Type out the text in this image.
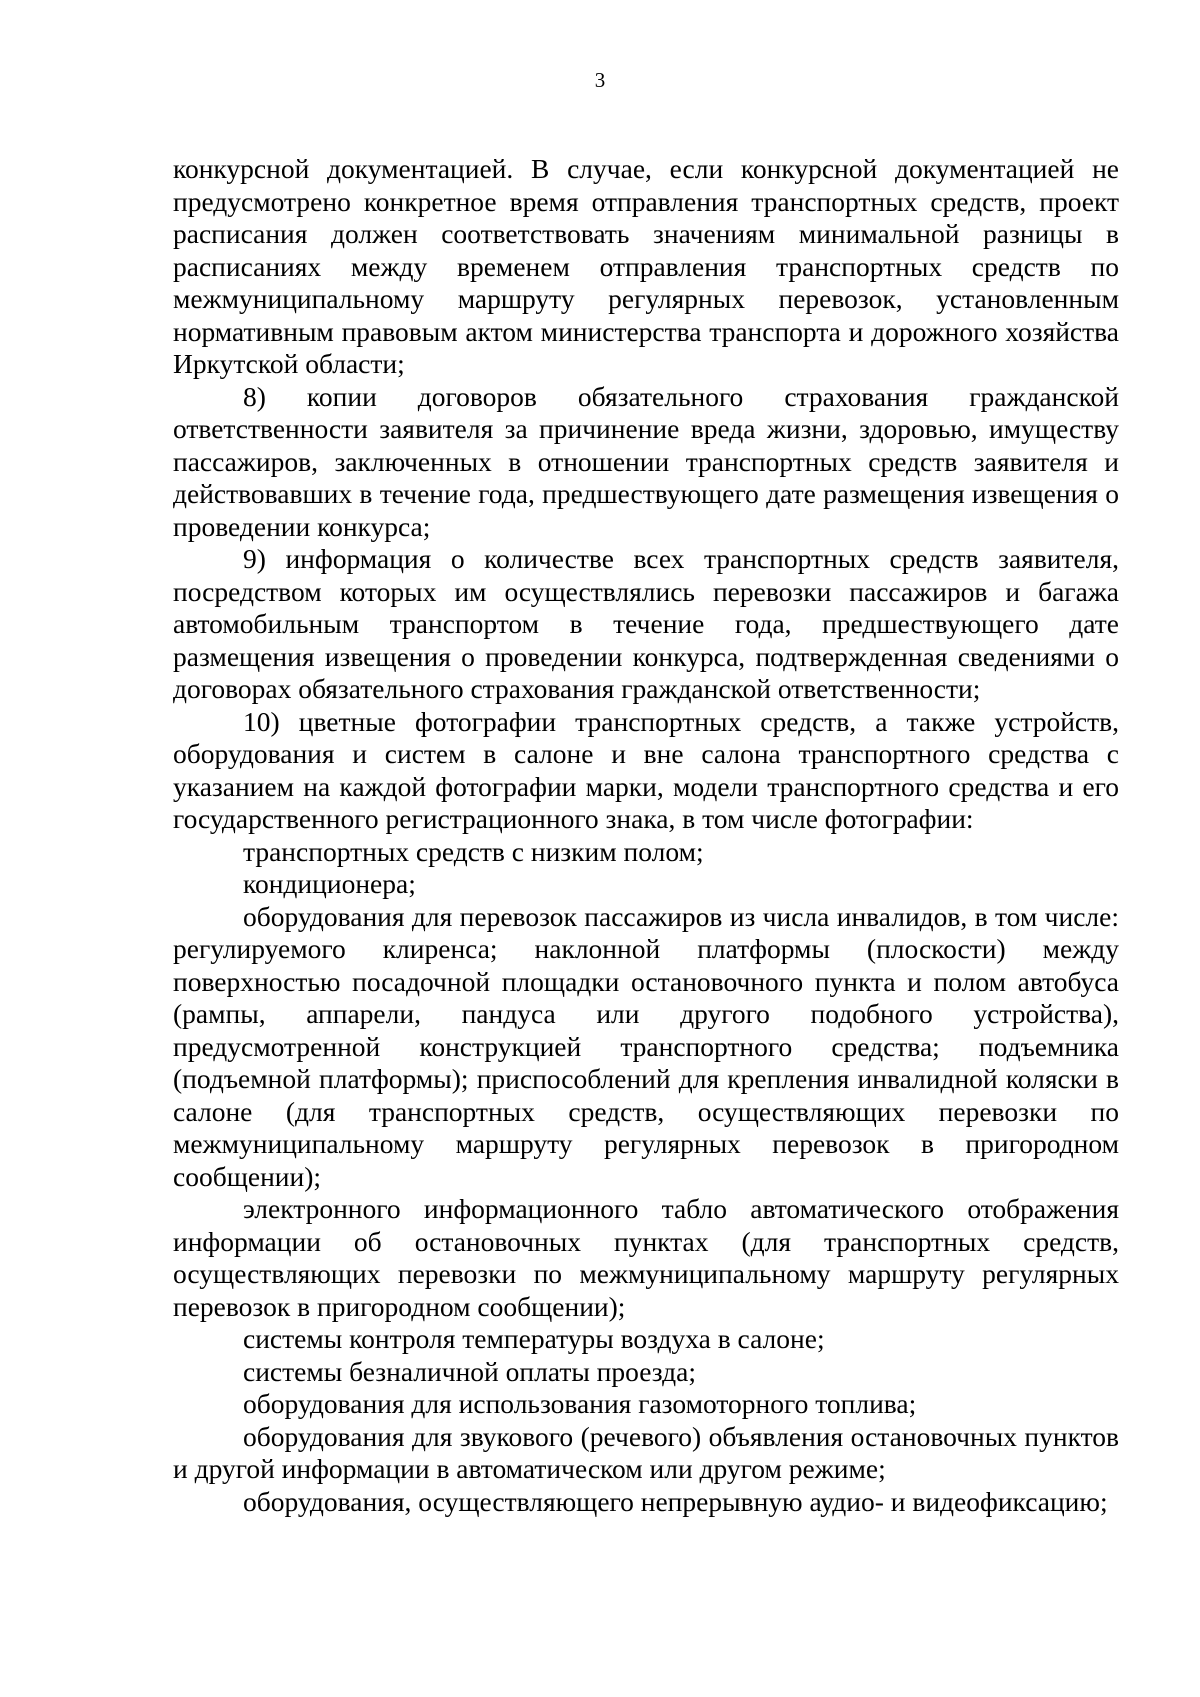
3

конкурсной документацией. В случае, если конкурсной документацией не предусмотрено конкретное время отправления транспортных средств, проект расписания должен соответствовать значениям минимальной разницы в расписаниях между временем отправления транспортных средств по межмуниципальному маршруту регулярных перевозок, установленным нормативным правовым актом министерства транспорта и дорожного хозяйства Иркутской области;

8) копии договоров обязательного страхования гражданской ответственности заявителя за причинение вреда жизни, здоровью, имуществу пассажиров, заключенных в отношении транспортных средств заявителя и действовавших в течение года, предшествующего дате размещения извещения о проведении конкурса;

9) информация о количестве всех транспортных средств заявителя, посредством которых им осуществлялись перевозки пассажиров и багажа автомобильным транспортом в течение года, предшествующего дате размещения извещения о проведении конкурса, подтвержденная сведениями о договорах обязательного страхования гражданской ответственности;

10) цветные фотографии транспортных средств, а также устройств, оборудования и систем в салоне и вне салона транспортного средства с указанием на каждой фотографии марки, модели транспортного средства и его государственного регистрационного знака, в том числе фотографии:

транспортных средств с низким полом;

кондиционера;

оборудования для перевозок пассажиров из числа инвалидов, в том числе: регулируемого клиренса; наклонной платформы (плоскости) между поверхностью посадочной площадки остановочного пункта и полом автобуса (рампы, аппарели, пандуса или другого подобного устройства), предусмотренной конструкцией транспортного средства; подъемника (подъемной платформы); приспособлений для крепления инвалидной коляски в салоне (для транспортных средств, осуществляющих перевозки по межмуниципальному маршруту регулярных перевозок в пригородном сообщении);

электронного информационного табло автоматического отображения информации об остановочных пунктах (для транспортных средств, осуществляющих перевозки по межмуниципальному маршруту регулярных перевозок в пригородном сообщении);

системы контроля температуры воздуха в салоне;

системы безналичной оплаты проезда;

оборудования для использования газомоторного топлива;

оборудования для звукового (речевого) объявления остановочных пунктов и другой информации в автоматическом или другом режиме;

оборудования, осуществляющего непрерывную аудио- и видеофиксацию;
